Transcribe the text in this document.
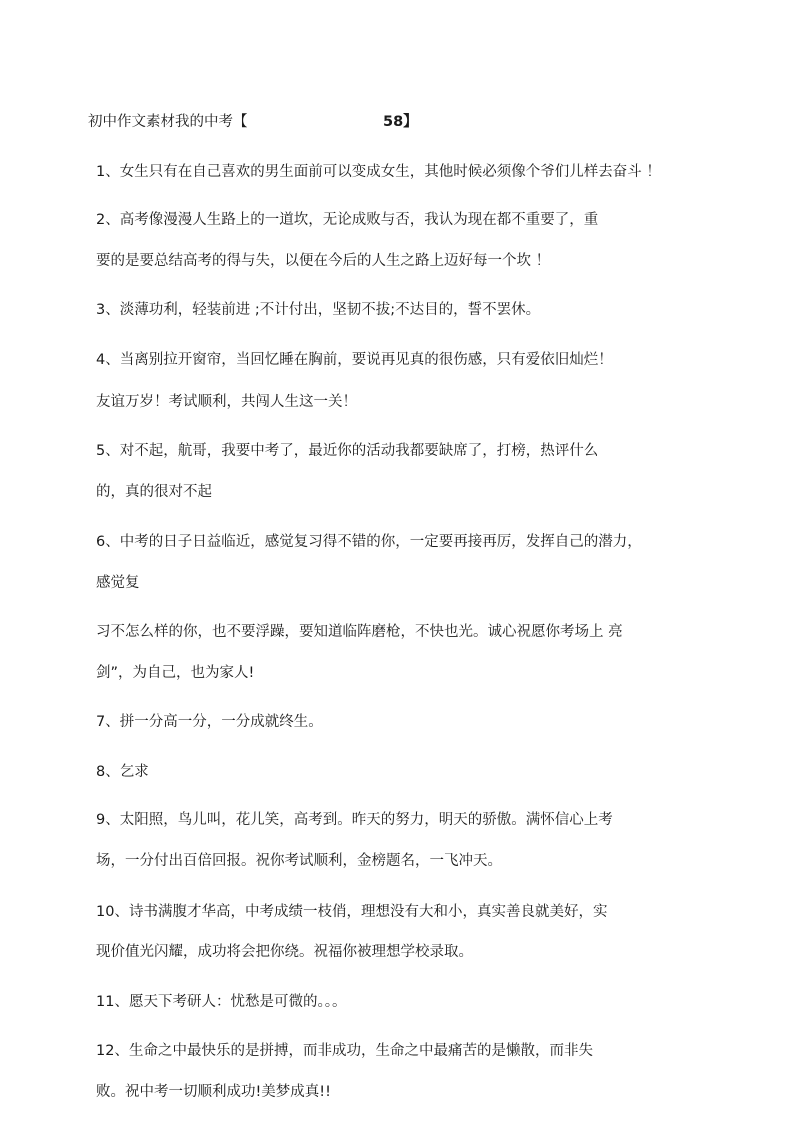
初中作文素材我的中考【	58】
1、女生只有在自己喜欢的男生面前可以变成女生，其他时候必须像个爷们儿样去奋斗 ！
2、高考像漫漫人生路上的一道坎，无论成败与否，我认为现在都不重要了，重
要的是要总结高考的得与失，以便在今后的人生之路上迈好每一个坎 ！
3、淡薄功利，轻装前进 ;不计付出，坚韧不拔;不达目的，誓不罢休。
4、当离别拉开窗帘，当回忆睡在胸前，要说再见真的很伤感，只有爱依旧灿烂！
友谊万岁！考试顺利，共闯人生这一关！
5、对不起，航哥，我要中考了，最近你的活动我都要缺席了，打榜，热评什么
的，真的很对不起
6、中考的日子日益临近，感觉复习得不错的你，一定要再接再厉，发挥自己的潜力，
感觉复
习不怎么样的你，也不要浮躁，要知道临阵磨枪，不快也光。诚心祝愿你考场上 亮
剑”，为自己，也为家人!
7、拼一分高一分，一分成就终生。
8、乞求
9、太阳照，鸟儿叫，花儿笑，高考到。昨天的努力，明天的骄傲。满怀信心上考
场，一分付出百倍回报。祝你考试顺利，金榜题名，一飞冲天。
10、诗书满腹才华高，中考成绩一枝俏，理想没有大和小，真实善良就美好，实
现价值光闪耀，成功将会把你绕。祝福你被理想学校录取。
11、愿天下考研人：忧愁是可微的。。。
12、生命之中最快乐的是拼搏，而非成功，生命之中最痛苦的是懒散，而非失
败。祝中考一切顺利成功!美梦成真!!
